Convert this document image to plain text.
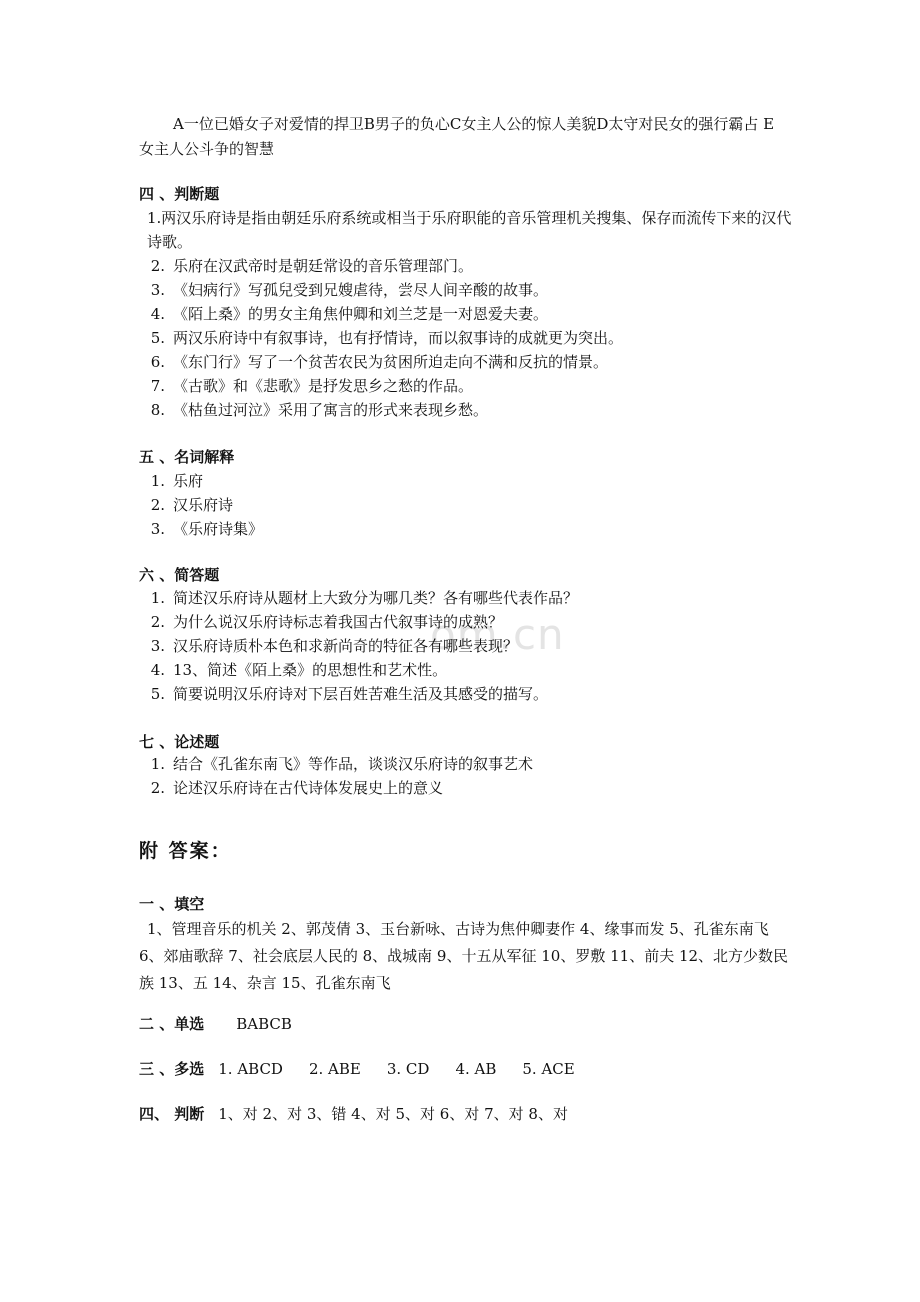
om.cn
A一位已婚女子对爱情的捍卫B男子的负心C女主人公的惊人美貌D太守对民女的强行霸占 E女主人公斗争的智慧
四 、判断题
1.两汉乐府诗是指由朝廷乐府系统或相当于乐府职能的音乐管理机关搜集、保存而流传下来的汉代诗歌。
2. 乐府在汉武帝时是朝廷常设的音乐管理部门。
3. 《妇病行》写孤兒受到兄嫂虐待，尝尽人间辛酸的故事。
4. 《陌上桑》的男女主角焦仲卿和刘兰芝是一对恩爱夫妻。
5. 两汉乐府诗中有叙事诗，也有抒情诗，而以叙事诗的成就更为突出。
6. 《东门行》写了一个贫苦农民为贫困所迫走向不满和反抗的情景。
7. 《古歌》和《悲歌》是抒发思乡之愁的作品。
8. 《枯鱼过河泣》采用了寓言的形式来表现乡愁。
五 、名词解释
1. 乐府
2. 汉乐府诗
3. 《乐府诗集》
六 、简答题
1. 简述汉乐府诗从题材上大致分为哪几类？各有哪些代表作品？
2. 为什么说汉乐府诗标志着我国古代叙事诗的成熟？
3. 汉乐府诗质朴本色和求新尚奇的特征各有哪些表现？
4. 13、简述《陌上桑》的思想性和艺术性。
5. 简要说明汉乐府诗对下层百姓苦难生活及其感受的描写。
七 、论述题
1. 结合《孔雀东南飞》等作品，谈谈汉乐府诗的叙事艺术
2. 论述汉乐府诗在古代诗体发展史上的意义
附 答案：
一 、填空
1、管理音乐的机关 2、郭茂倩 3、玉台新咏、古诗为焦仲卿妻作 4、缘事而发 5、孔雀东南飞 6、郊庙歌辞 7、社会底层人民的 8、战城南 9、十五从军征 10、罗敷 11、前夫 12、北方少数民族 13、五 14、杂言 15、孔雀东南飞
二 、单选 BABCB
三 、多选 1. ABCD 2. ABE 3. CD 4. AB 5. ACE
四、 判断 1、对 2、对 3、错 4、对 5、对 6、对 7、对 8、对
